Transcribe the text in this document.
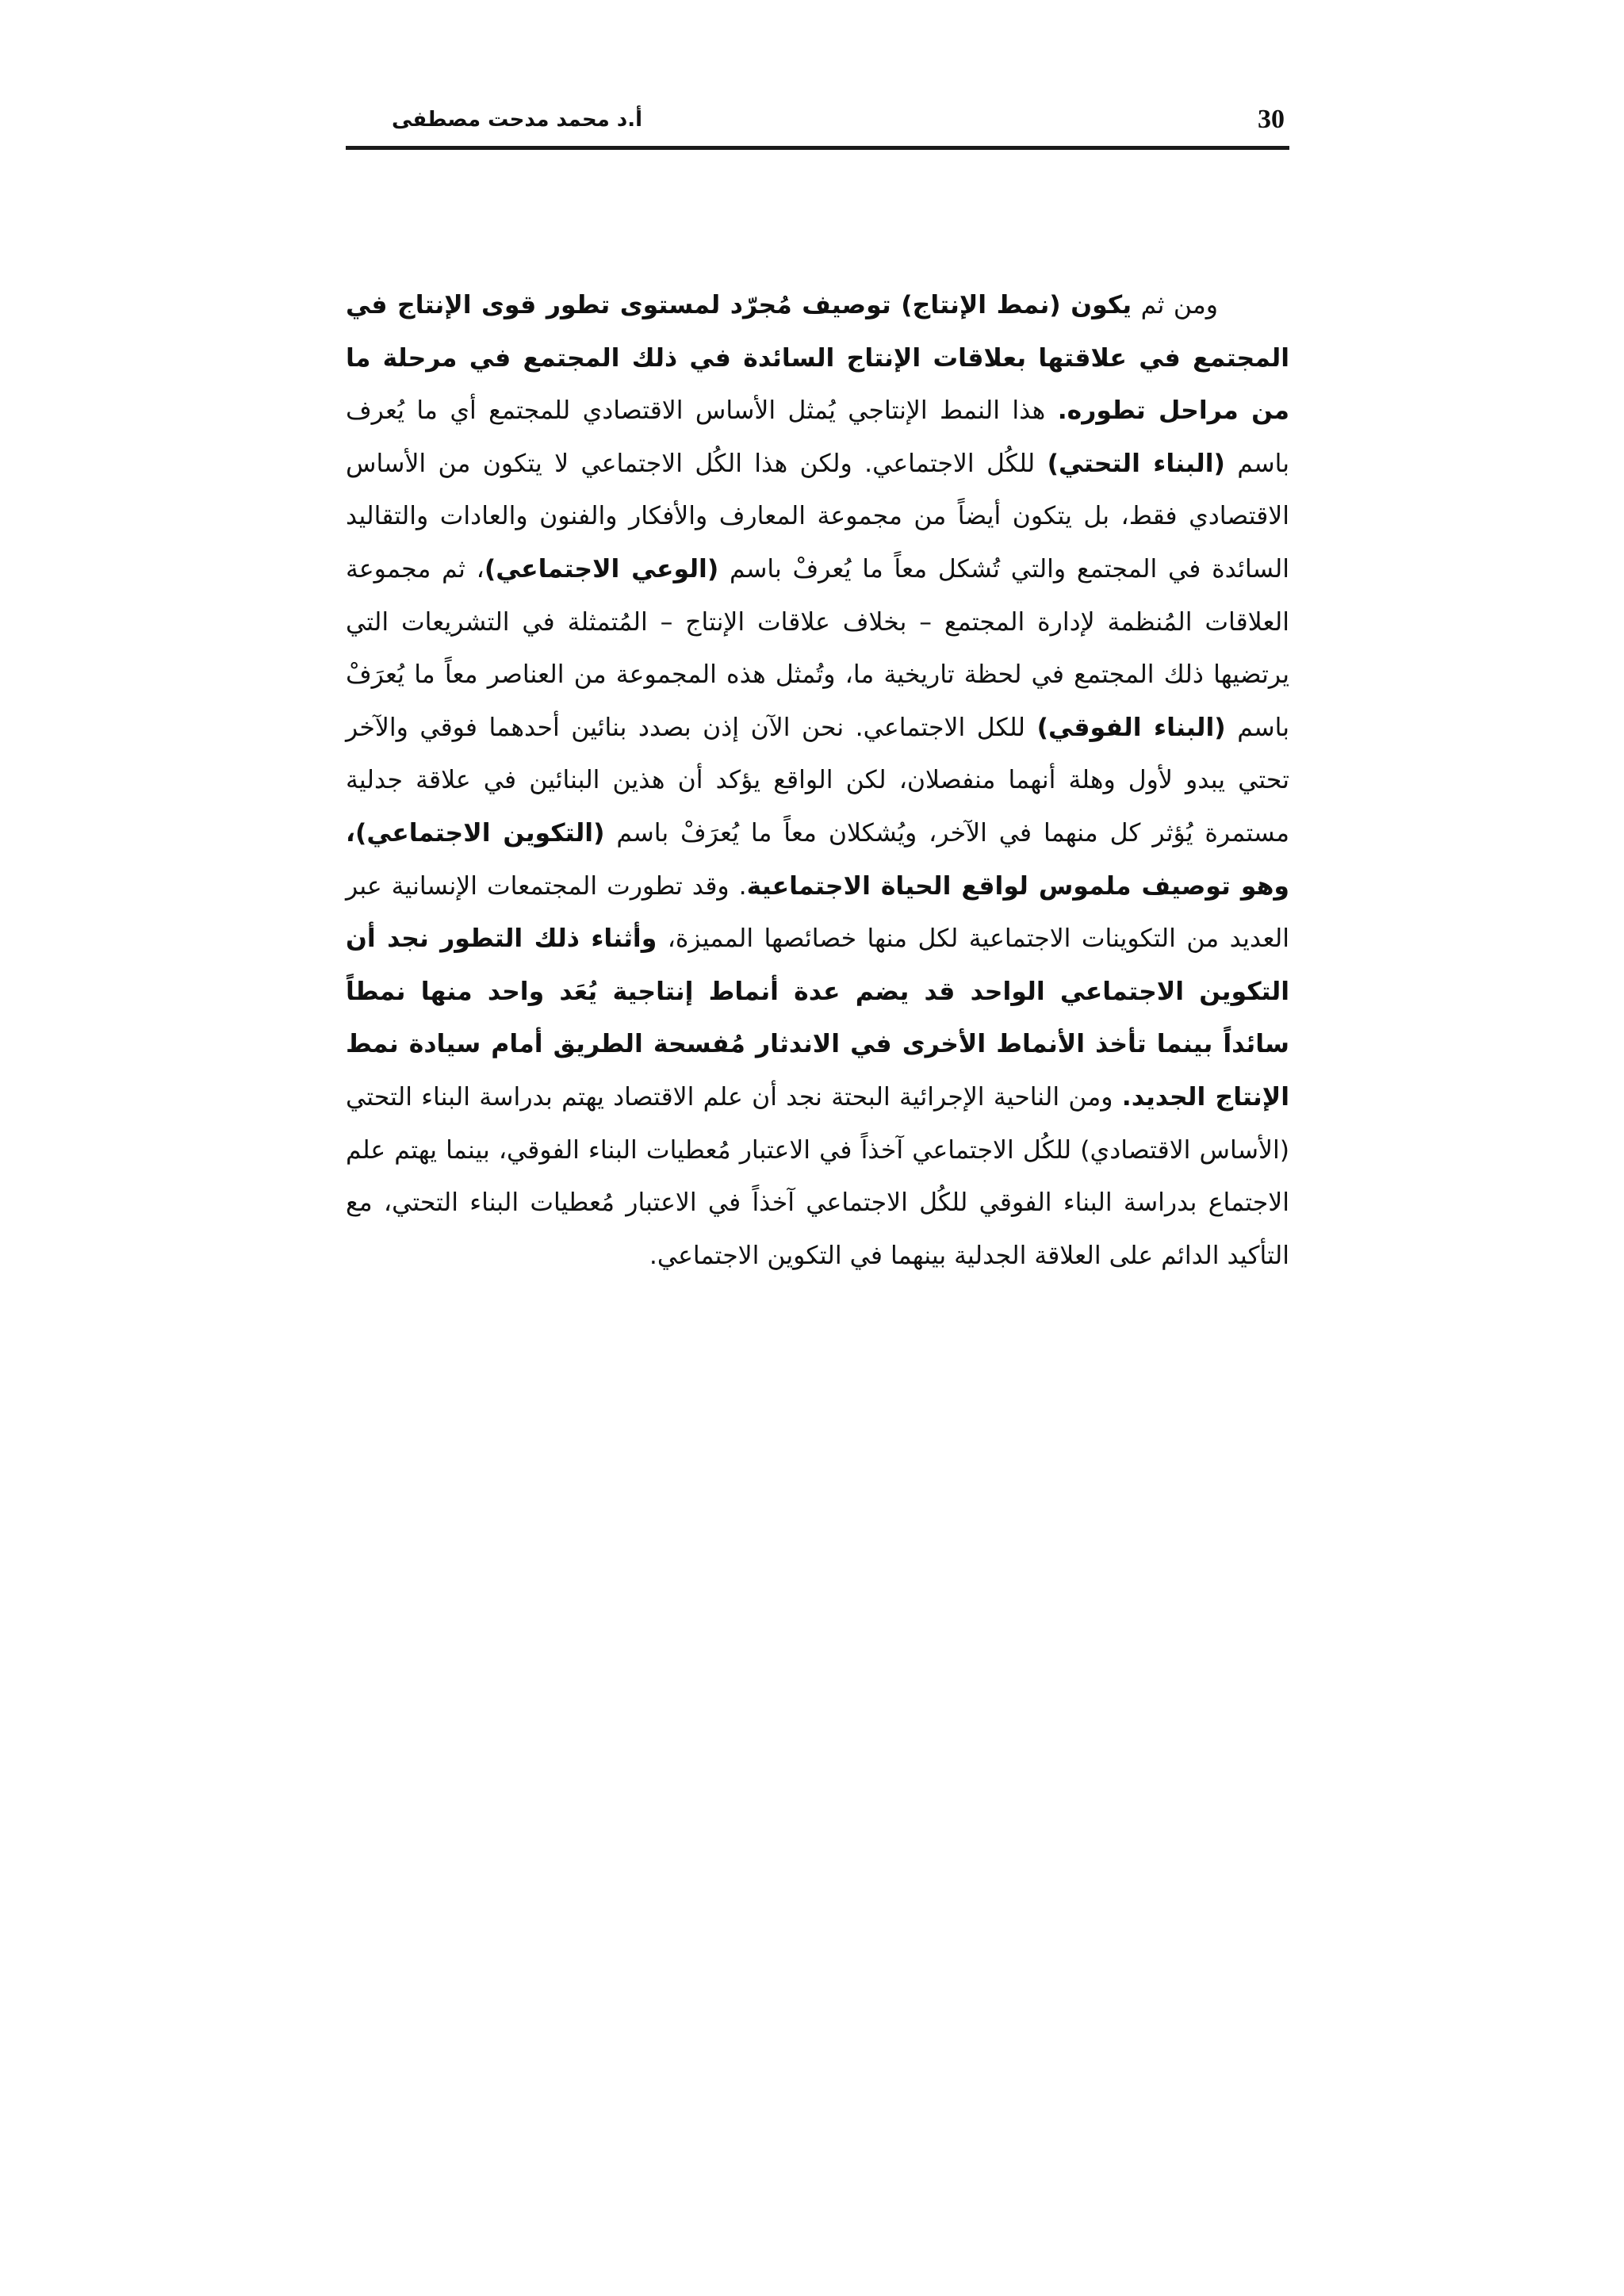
30
أ.د محمد مدحت مصطفى

ومن ثم يكون (نمط الإنتاج) توصيف مُجرّد لمستوى تطور قوى الإنتاج في المجتمع في علاقتها بعلاقات الإنتاج السائدة في ذلك المجتمع في مرحلة ما من مراحل تطوره. هذا النمط الإنتاجي يُمثل الأساس الاقتصادي للمجتمع أي ما يُعرف باسم (البناء التحتي) للكُل الاجتماعي. ولكن هذا الكُل الاجتماعي لا يتكون من الأساس الاقتصادي فقط، بل يتكون أيضاً من مجموعة المعارف والأفكار والفنون والعادات والتقاليد السائدة في المجتمع والتي تُشكل معاً ما يُعرفْ باسم (الوعي الاجتماعي)، ثم مجموعة العلاقات المُنظمة لإدارة المجتمع – بخلاف علاقات الإنتاج – المُتمثلة في التشريعات التي يرتضيها ذلك المجتمع في لحظة تاريخية ما، وتُمثل هذه المجموعة من العناصر معاً ما يُعرَفْ باسم (البناء الفوقي) للكل الاجتماعي. نحن الآن إذن بصدد بنائين أحدهما فوقي والآخر تحتي يبدو لأول وهلة أنهما منفصلان، لكن الواقع يؤكد أن هذين البنائين في علاقة جدلية مستمرة يُؤثر كل منهما في الآخر، ويُشكلان معاً ما يُعرَفْ باسم (التكوين الاجتماعي)، وهو توصيف ملموس لواقع الحياة الاجتماعية. وقد تطورت المجتمعات الإنسانية عبر العديد من التكوينات الاجتماعية لكل منها خصائصها المميزة، وأثناء ذلك التطور نجد أن التكوين الاجتماعي الواحد قد يضم عدة أنماط إنتاجية يُعَد واحد منها نمطاً سائداً بينما تأخذ الأنماط الأخرى في الاندثار مُفسحة الطريق أمام سيادة نمط الإنتاج الجديد. ومن الناحية الإجرائية البحتة نجد أن علم الاقتصاد يهتم بدراسة البناء التحتي (الأساس الاقتصادي) للكُل الاجتماعي آخذاً في الاعتبار مُعطيات البناء الفوقي، بينما يهتم علم الاجتماع بدراسة البناء الفوقي للكُل الاجتماعي آخذاً في الاعتبار مُعطيات البناء التحتي، مع التأكيد الدائم على العلاقة الجدلية بينهما في التكوين الاجتماعي.
